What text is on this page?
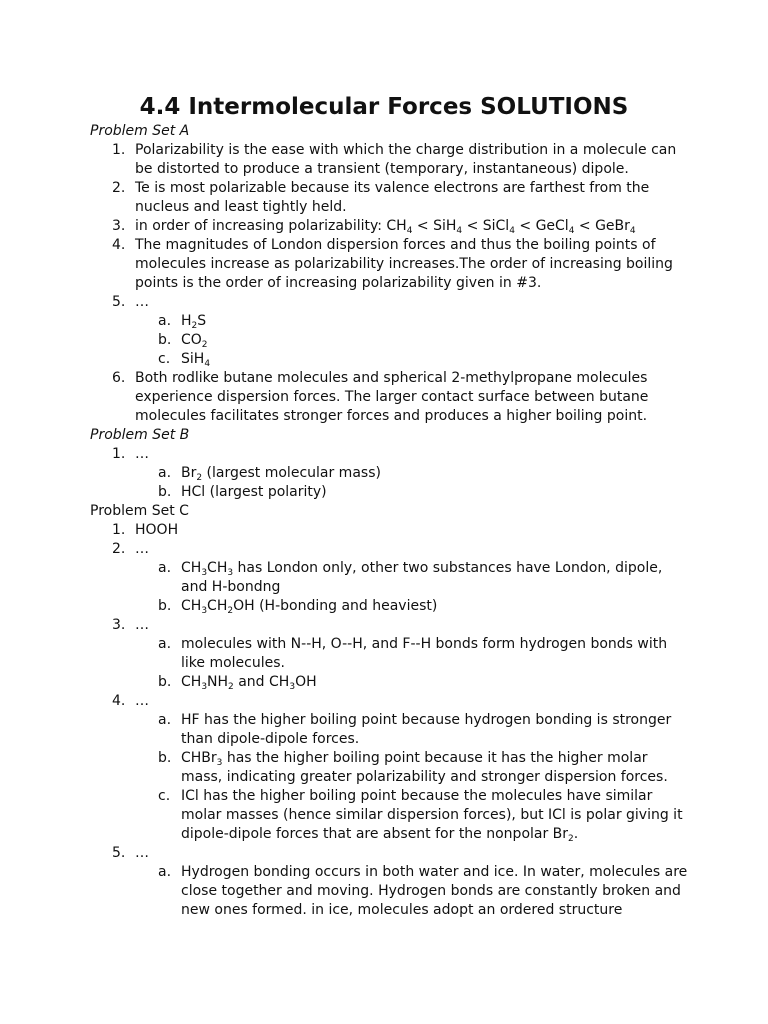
4.4 Intermolecular Forces SOLUTIONS

Problem Set A

1. Polarizability is the ease with which the charge distribution in a molecule can be distorted to produce a transient (temporary, instantaneous) dipole.
2. Te is most polarizable because its valence electrons are farthest from the nucleus and least tightly held.
3. in order of increasing polarizability: $CH_4 < SiH_4$ < SiCl$_4$ < GeCl$_4$ < GeBr$_4$
4. The magnitudes of London dispersion forces and thus the boiling points of molecules increase as polarizability increases.The order of increasing boiling points is the order of increasing polarizability given in #3.
5. …
a. $H_2S$
b. $CO_2$
c. SiH$_4$
6. Both rodlike butane molecules and spherical 2-methylpropane molecules experience dispersion forces. The larger contact surface between butane molecules facilitates stronger forces and produces a higher boiling point.

Problem Set B

1. …
a. $Br_2$ (largest molecular mass)
b. HCl (largest polarity)

Problem Set C

1. HOOH
2. …
a. $CH_3CH_3$ has London only, other two substances have London, dipole, and H-bondng
b. $CH_3CH_2OH$ (H-bonding and heaviest)
3. …
a. molecules with N--H, O--H, and F--H bonds form hydrogen bonds with like molecules.
b. $CH_3NH_2$ and $CH_3OH$
4. …
a. HF has the higher boiling point because hydrogen bonding is stronger than dipole-dipole forces.
b. CHBr$_3$ has the higher boiling point because it has the higher molar mass, indicating greater polarizability and stronger dispersion forces.
c. ICl has the higher boiling point because the molecules have similar molar masses (hence similar dispersion forces), but ICl is polar giving it dipole-dipole forces that are absent for the nonpolar $Br_2$.
5. …
a. Hydrogen bonding occurs in both water and ice. In water, molecules are close together and moving. Hydrogen bonds are constantly broken and new ones formed. in ice, molecules adopt an ordered structure
